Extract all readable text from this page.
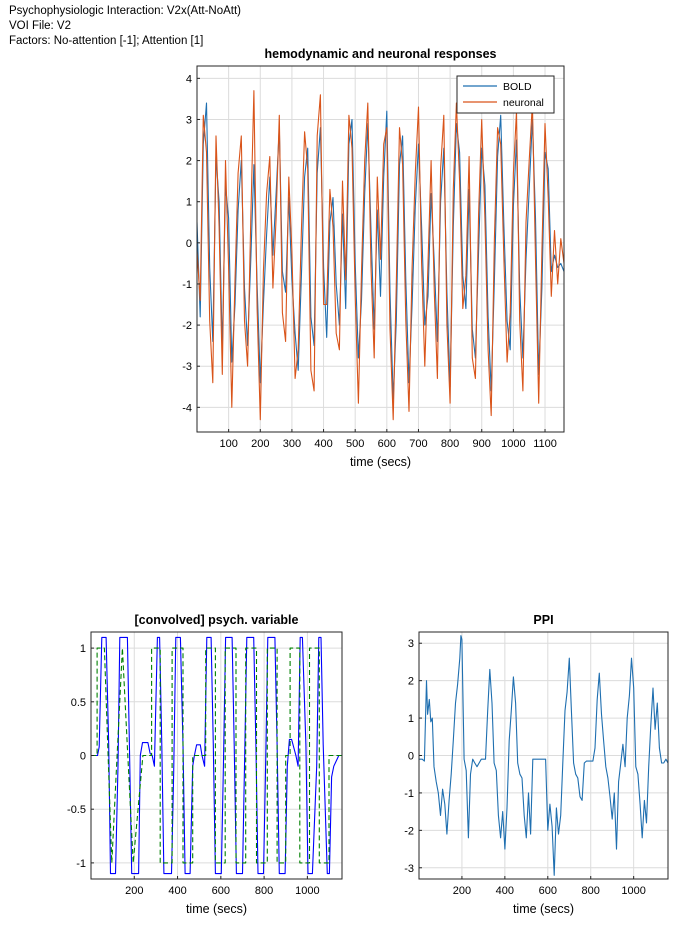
Psychophysiologic Interaction: V2x(Att-NoAtt)
VOI File: V2
Factors: No-attention [-1]; Attention [1]
100 200 300 400 500 600 700 800 900 1000 1100
-4
-3
-2
-1
0
1
2
3
4
hemodynamic and neuronal responses
time (secs)
BOLD
neuronal
200 400 600 800 1000
-1
-0.5
0
0.5
1
[convolved] psych. variable
time (secs)
200 400 600 800 1000
-3
-2
-1
0
1
2
3
PPI
time (secs)
